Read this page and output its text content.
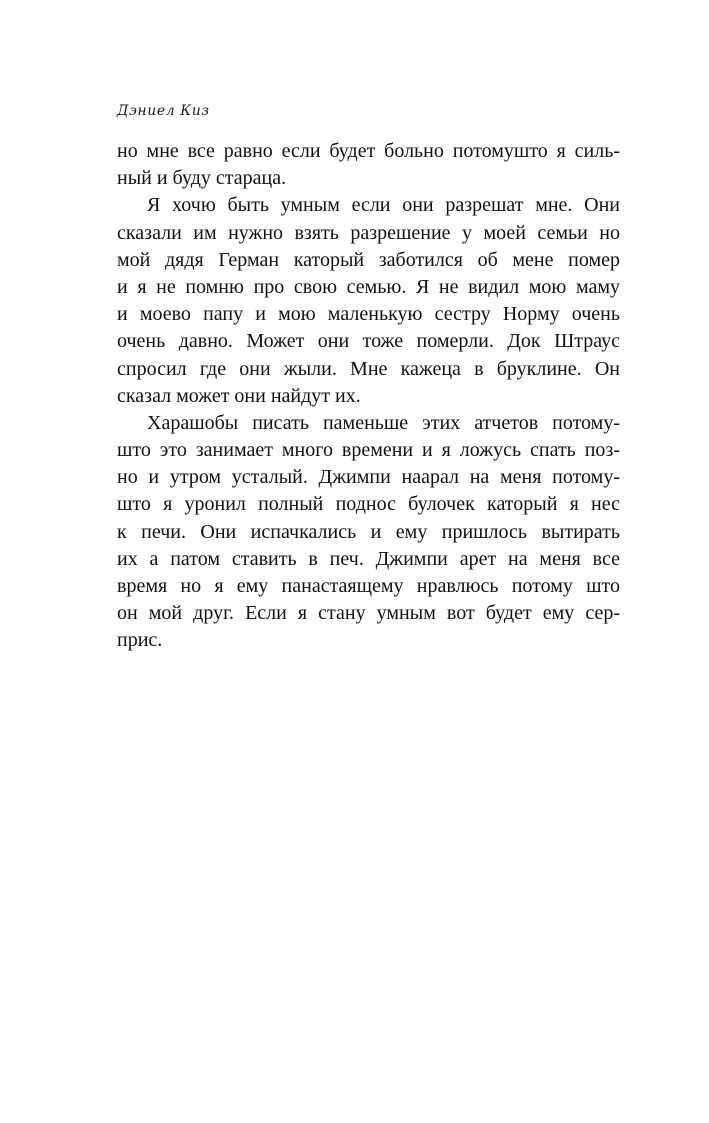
Дэниел Киз

но мне все равно если будет больно потомушто я силь-
ный и буду стараца.
Я хочю быть умным если они разрешат мне. Они
сказали им нужно взять разрешение у моей семьи но
мой дядя Герман каторый заботился об мене помер
и я не помню про свою семью. Я не видил мою маму
и моево папу и мою маленькую сестру Норму очень
очень давно. Может они тоже померли. Док Штраус
спросил где они жыли. Мне кажеца в бруклине. Он
сказал может они найдут их.
Харашобы писать паменьше этих атчетов потому-
што это занимает много времени и я ложусь спать поз-
но и утром усталый. Джимпи наарал на меня потому-
што я уронил полный поднос булочек каторый я нес
к печи. Они испачкались и ему пришлось вытирать
их а патом ставить в печ. Джимпи арет на меня все
время но я ему панастаящему нравлюсь потому што
он мой друг. Если я стану умным вот будет ему сер-
прис.
